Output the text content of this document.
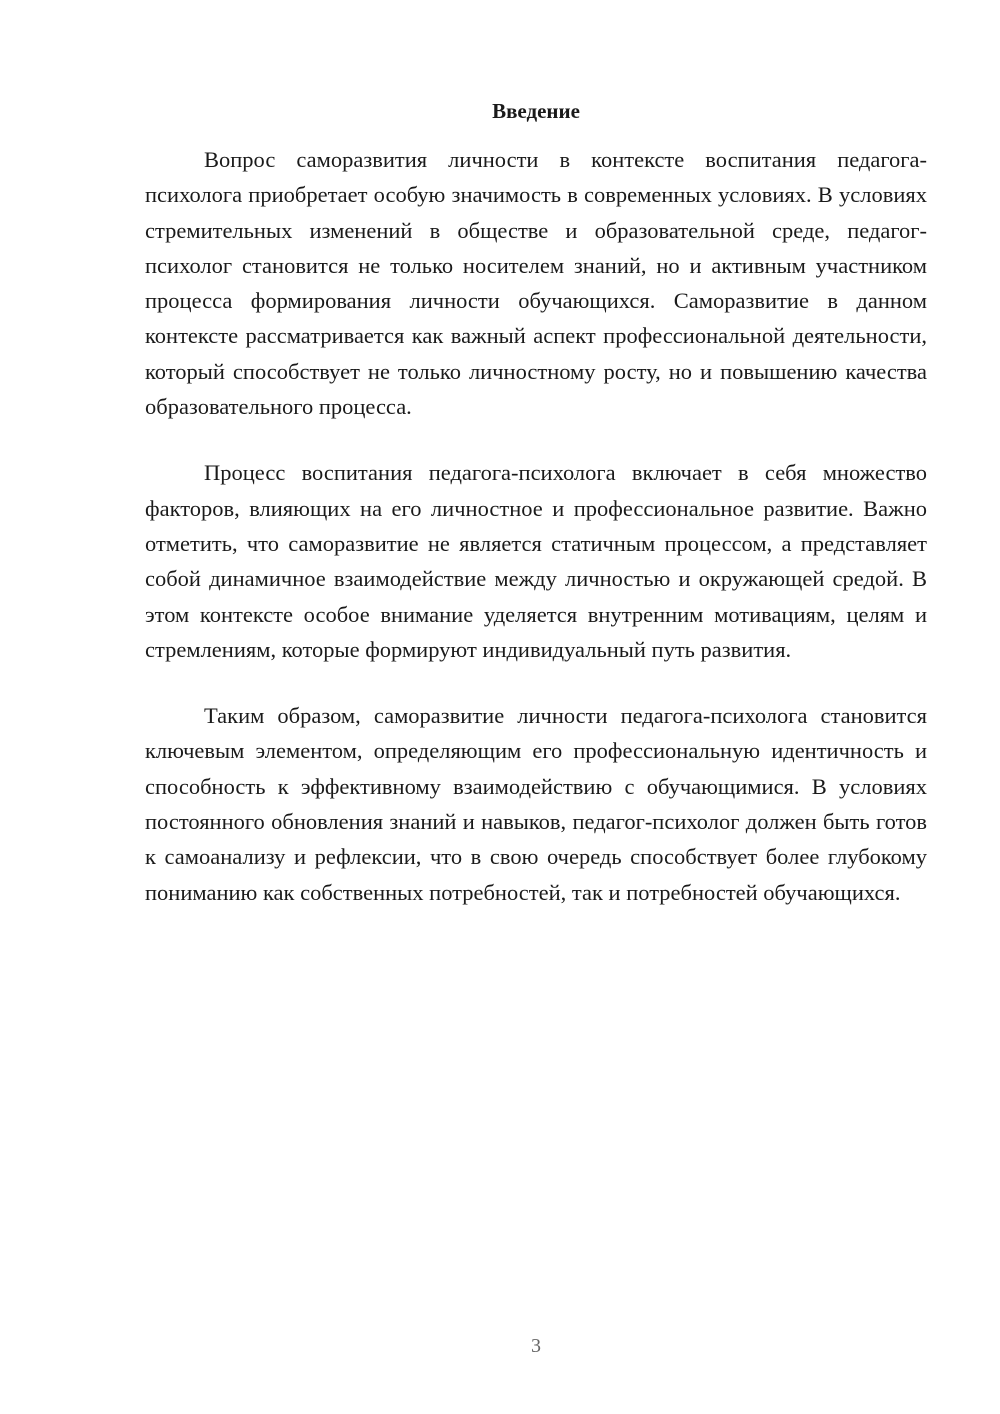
Введение

Вопрос саморазвития личности в контексте воспитания педагога-психолога приобретает особую значимость в современных условиях. В условиях стремительных изменений в обществе и образовательной среде, педагог-психолог становится не только носителем знаний, но и активным участником процесса формирования личности обучающихся. Саморазвитие в данном контексте рассматривается как важный аспект профессиональной деятельности, который способствует не только личностному росту, но и повышению качества образовательного процесса.

Процесс воспитания педагога-психолога включает в себя множество факторов, влияющих на его личностное и профессиональное развитие. Важно отметить, что саморазвитие не является статичным процессом, а представляет собой динамичное взаимодействие между личностью и окружающей средой. В этом контексте особое внимание уделяется внутренним мотивациям, целям и стремлениям, которые формируют индивидуальный путь развития.

Таким образом, саморазвитие личности педагога-психолога становится ключевым элементом, определяющим его профессиональную идентичность и способность к эффективному взаимодействию с обучающимися. В условиях постоянного обновления знаний и навыков, педагог-психолог должен быть готов к самоанализу и рефлексии, что в свою очередь способствует более глубокому пониманию как собственных потребностей, так и потребностей обучающихся.

3
